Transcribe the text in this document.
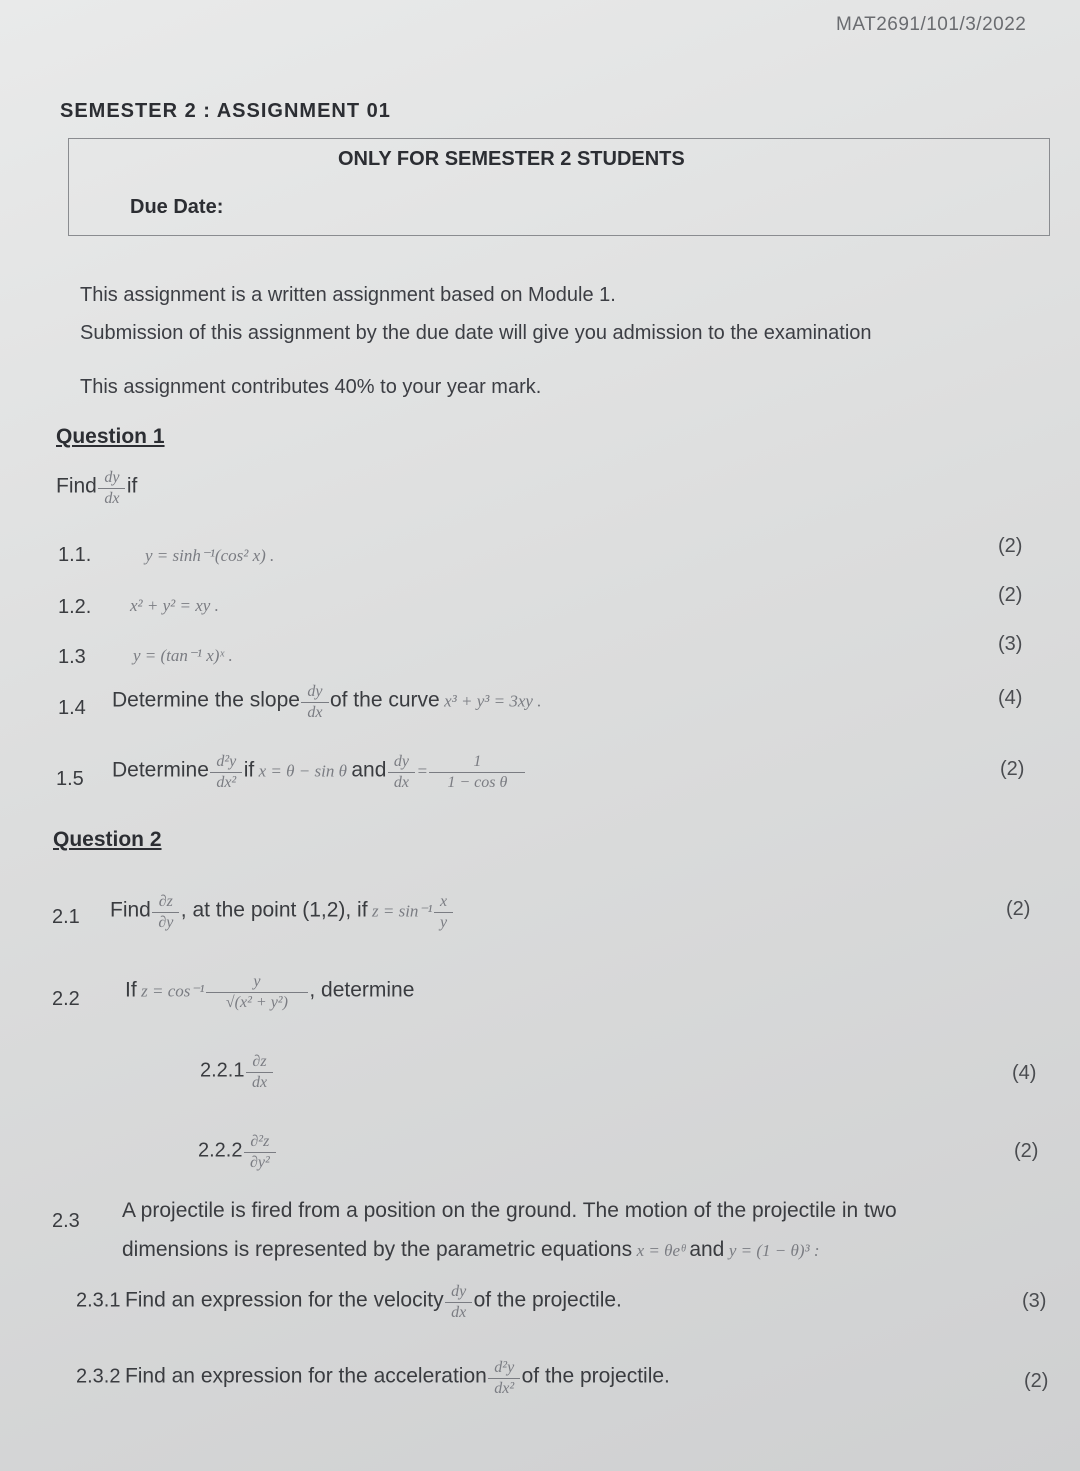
MAT2691/101/3/2022
SEMESTER 2 : ASSIGNMENT 01
ONLY FOR SEMESTER 2 STUDENTS
Due Date:
This assignment is a written assignment based on Module 1.
Submission of this assignment by the due date will give you admission to the examination
This assignment contributes 40% to your year mark.
Question 1
Find $\frac{dy}{dx}$ if
1.1.	y = sinh⁻¹(cos² x) .	(2)
1.2. x² + y² = xy .	(2)
1.3	y = (tan⁻¹ x)ˣ .
(3)
1.4 Determine the slope $\frac{dy}{dx}$ of the curve x³ + y³ = 3xy .	(4)
1.5 Determine $\frac{\text{d²y}}{\text{dx²}}$ if x = θ − sin θ and $\frac{dy}{dx} = \frac{1}{\text{1 − cos θ}}$	(2)
Question 2
2.1 Find $\frac{\partial z}{\partial y}$ , at the point (1,2), if $z = \sin^{-1} \frac{x}{y}$	(2)
2.2 If $z = \cos^{-1} \frac{y}{\text{√(x² + y²)}}$ , determine
$2.2.1 \frac{\partial z}{dx}$	(4)
$2.2.2 \frac{\text{∂²z}}{\text{∂y²}}$	(2)
2.3 A projectile is fired from a position on the ground. The motion of the projectile in two
dimensions is represented by the parametric equations x = θeᶿ and y = (1 − θ)³ :
2.3.1 Find an expression for the velocity $\frac{dy}{dx}$ of the projectile.	(3)
2.3.2 Find an expression for the acceleration $\frac{\text{d²y}}{\text{dx²}}$ of the projectile.	(2)
